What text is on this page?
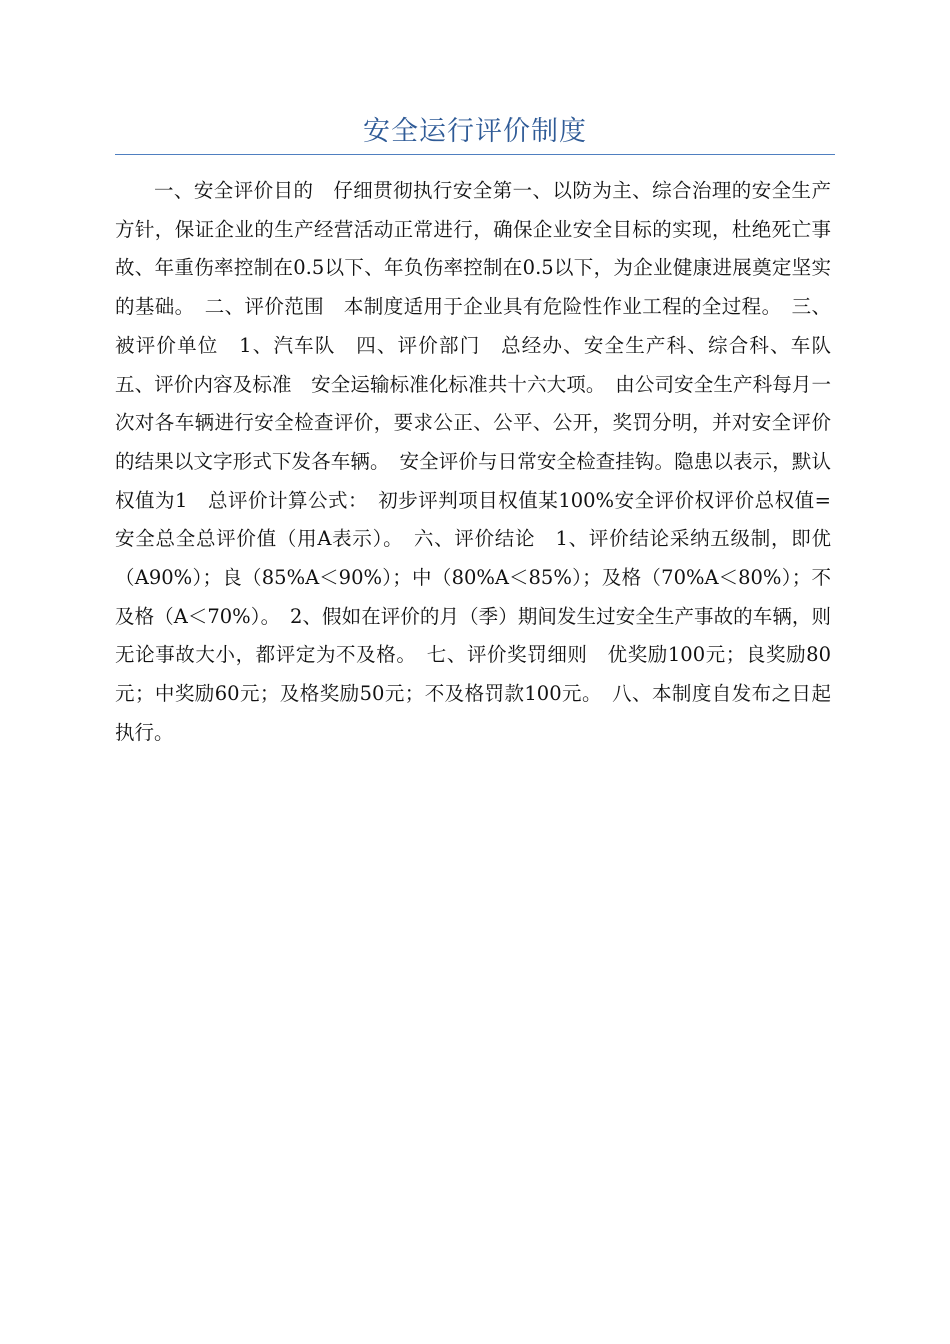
安全运行评价制度

一、安全评价目的　仔细贯彻执行安全第一、以防为主、综合治理的安全生产方针，保证企业的生产经营活动正常进行，确保企业安全目标的实现，杜绝死亡事故、年重伤率控制在0.5以下、年负伤率控制在0.5以下，为企业健康进展奠定坚实的基础。　二、评价范围　本制度适用于企业具有危险性作业工程的全过程。　三、被评价单位　1、汽车队　四、评价部门　总经办、安全生产科、综合科、车队　五、评价内容及标准　安全运输标准化标准共十六大项。　由公司安全生产科每月一次对各车辆进行安全检查评价，要求公正、公平、公开，奖罚分明，并对安全评价的结果以文字形式下发各车辆。　安全评价与日常安全检查挂钩。隐患以表示，默认权值为1　总评价计算公式：　初步评判项目权值某100%安全评价权评价总权值=安全总全总评价值（用A表示）。　六、评价结论　1、评价结论采纳五级制，即优（A90%）；良（85%A＜90%）；中（80%A＜85%）；及格（70%A＜80%）；不及格（A＜70%）。　2、假如在评价的月（季）期间发生过安全生产事故的车辆，则无论事故大小，都评定为不及格。　七、评价奖罚细则　优奖励100元；良奖励80元；中奖励60元；及格奖励50元；不及格罚款100元。　八、本制度自发布之日起执行。
